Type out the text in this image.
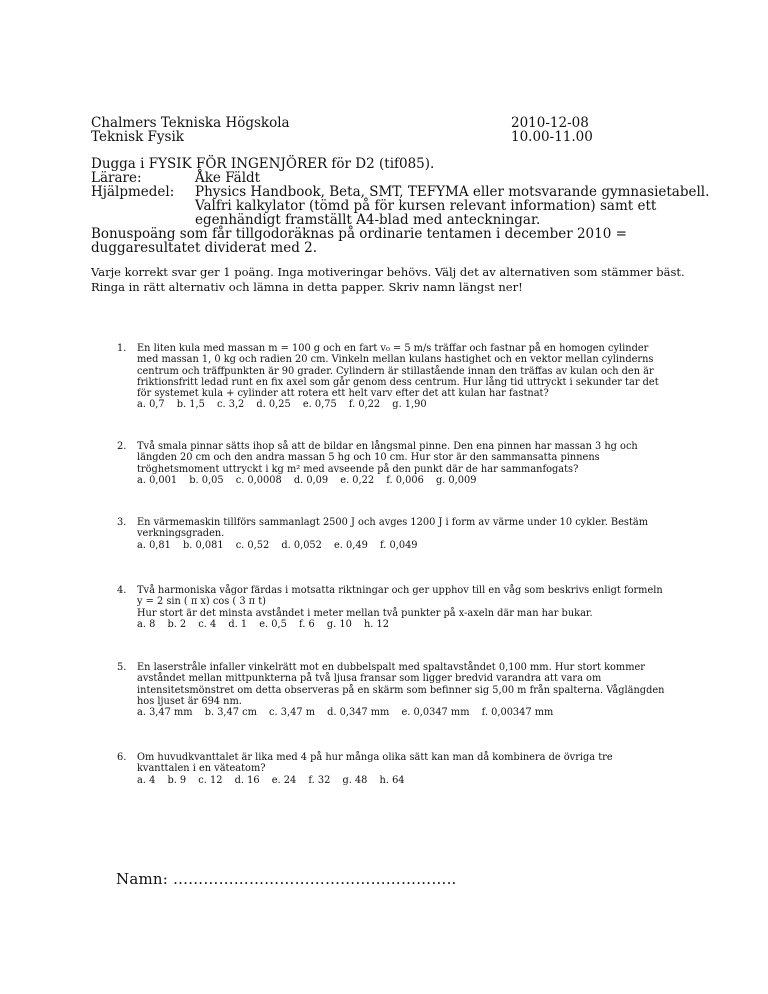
Chalmers Tekniska Högskola
Teknisk Fysik
2010-12-08
10.00-11.00
Dugga i FYSIK FÖR INGENJÖRER för D2 (tif085).
Lärare:	Åke Fäldt
Hjälpmedel:	Physics Handbook, Beta, SMT, TEFYMA eller motsvarande gymnasietabell.
Valfri kalkylator (tömd på för kursen relevant information) samt ett
egenhändigt framställt A4-blad med anteckningar.
Bonuspoäng som får tillgodoräknas på ordinarie tentamen i december 2010 =
duggaresultatet dividerat med 2.
Varje korrekt svar ger 1 poäng. Inga motiveringar behövs. Välj det av alternativen som stämmer bäst.
Ringa in rätt alternativ och lämna in detta papper. Skriv namn längst ner!
1. En liten kula med massan m = 100 g och en fart v₀ = 5 m/s träffar och fastnar på en homogen cylinder
med massan 1, 0 kg och radien 20 cm. Vinkeln mellan kulans hastighet och en vektor mellan cylinderns
centrum och träffpunkten är 90 grader. Cylindern är stillastående innan den träffas av kulan och den är
friktionsfritt ledad runt en fix axel som går genom dess centrum. Hur lång tid uttryckt i sekunder tar det
för systemet kula + cylinder att rotera ett helt varv efter det att kulan har fastnat?
a. 0,7 b. 1,5 c. 3,2 d. 0,25 e. 0,75 f. 0,22 g. 1,90
2. Två smala pinnar sätts ihop så att de bildar en långsmal pinne. Den ena pinnen har massan 3 hg och
längden 20 cm och den andra massan 5 hg och 10 cm. Hur stor är den sammansatta pinnens
tröghetsmoment uttryckt i kg m² med avseende på den punkt där de har sammanfogats?
a. 0,001 b. 0,05 c. 0,0008 d. 0,09 e. 0,22 f. 0,006 g. 0,009
3. En värmemaskin tillförs sammanlagt 2500 J och avges 1200 J i form av värme under 10 cykler. Bestäm
verkningsgraden.
a. 0,81 b. 0,081 c. 0,52 d. 0,052 e. 0,49 f. 0,049
4. Två harmoniska vågor färdas i motsatta riktningar och ger upphov till en våg som beskrivs enligt formeln
y = 2 sin ( π x) cos ( 3 π t)
Hur stort är det minsta avståndet i meter mellan två punkter på x-axeln där man har bukar.
a. 8 b. 2 c. 4 d. 1 e. 0,5 f. 6 g. 10 h. 12
5. En laserstråle infaller vinkelrätt mot en dubbelspalt med spaltavståndet 0,100 mm. Hur stort kommer
avståndet mellan mittpunkterna på två ljusa fransar som ligger bredvid varandra att vara om
intensitetsmönstret om detta observeras på en skärm som befinner sig 5,00 m från spalterna. Våglängden
hos ljuset är 694 nm.
a. 3,47 mm b. 3,47 cm c. 3,47 m d. 0,347 mm e. 0,0347 mm f. 0,00347 mm
6. Om huvudkvanttalet är lika med 4 på hur många olika sätt kan man då kombinera de övriga tre
kvanttalen i en väteatom?
a. 4 b. 9 c. 12 d. 16 e. 24 f. 32 g. 48 h. 64
Namn: ………………………………………………..
